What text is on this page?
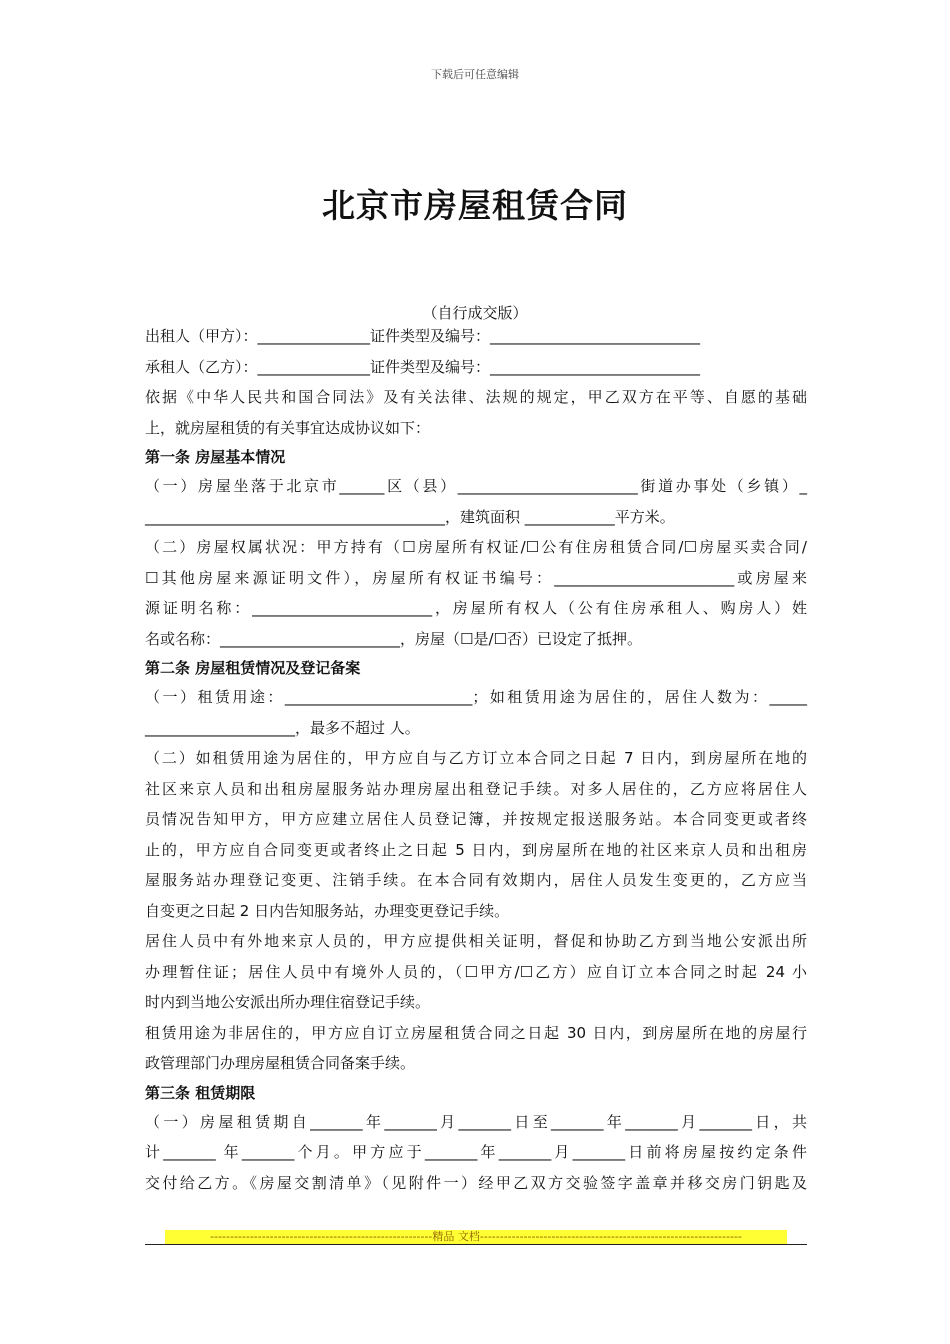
下载后可任意编辑
北京市房屋租赁合同
（自行成交版）
出租人（甲方）：_______________证件类型及编号：____________________________
承租人（乙方）：_______________证件类型及编号：____________________________
依据《中华人民共和国合同法》及有关法律、法规的规定，甲乙双方在平等、自愿的基础
上，就房屋租赁的有关事宜达成协议如下：
第一条 房屋基本情况
（一）房屋坐落于北京市______区（县）________________________街道办事处（乡镇）_
________________________________________，建筑面积 ____________平方米。
（二）房屋权属状况：甲方持有（☐房屋所有权证/☐公有住房租赁合同/☐房屋买卖合同/
☐其他房屋来源证明文件），房屋所有权证书编号：________________________或房屋来
源证明名称：________________________，房屋所有权人（公有住房承租人、购房人）姓
名或名称：________________________，房屋（☐是/☐否）已设定了抵押。
第二条 房屋租赁情况及登记备案
（一）租赁用途：_________________________；如租赁用途为居住的，居住人数为：_____
____________________，最多不超过 人。
（二）如租赁用途为居住的，甲方应自与乙方订立本合同之日起 7 日内，到房屋所在地的
社区来京人员和出租房屋服务站办理房屋出租登记手续。对多人居住的，乙方应将居住人
员情况告知甲方，甲方应建立居住人员登记簿，并按规定报送服务站。本合同变更或者终
止的，甲方应自合同变更或者终止之日起 5 日内，到房屋所在地的社区来京人员和出租房
屋服务站办理登记变更、注销手续。在本合同有效期内，居住人员发生变更的，乙方应当
自变更之日起 2 日内告知服务站，办理变更登记手续。
居住人员中有外地来京人员的，甲方应提供相关证明，督促和协助乙方到当地公安派出所
办理暂住证；居住人员中有境外人员的，（☐甲方/☐乙方）应自订立本合同之时起 24 小
时内到当地公安派出所办理住宿登记手续。
租赁用途为非居住的，甲方应自订立房屋租赁合同之日起 30 日内，到房屋所在地的房屋行
政管理部门办理房屋租赁合同备案手续。
第三条 租赁期限
（一）房屋租赁期自_______年_______月_______日至_______年_______月_______日，共
计_______ 年_______个月。甲方应于_______年_______月_______日前将房屋按约定条件
交付给乙方。《房屋交割清单》（见附件一）经甲乙双方交验签字盖章并移交房门钥匙及
--------------------------------------------------------精品 文档------------------------------------------------------------------
